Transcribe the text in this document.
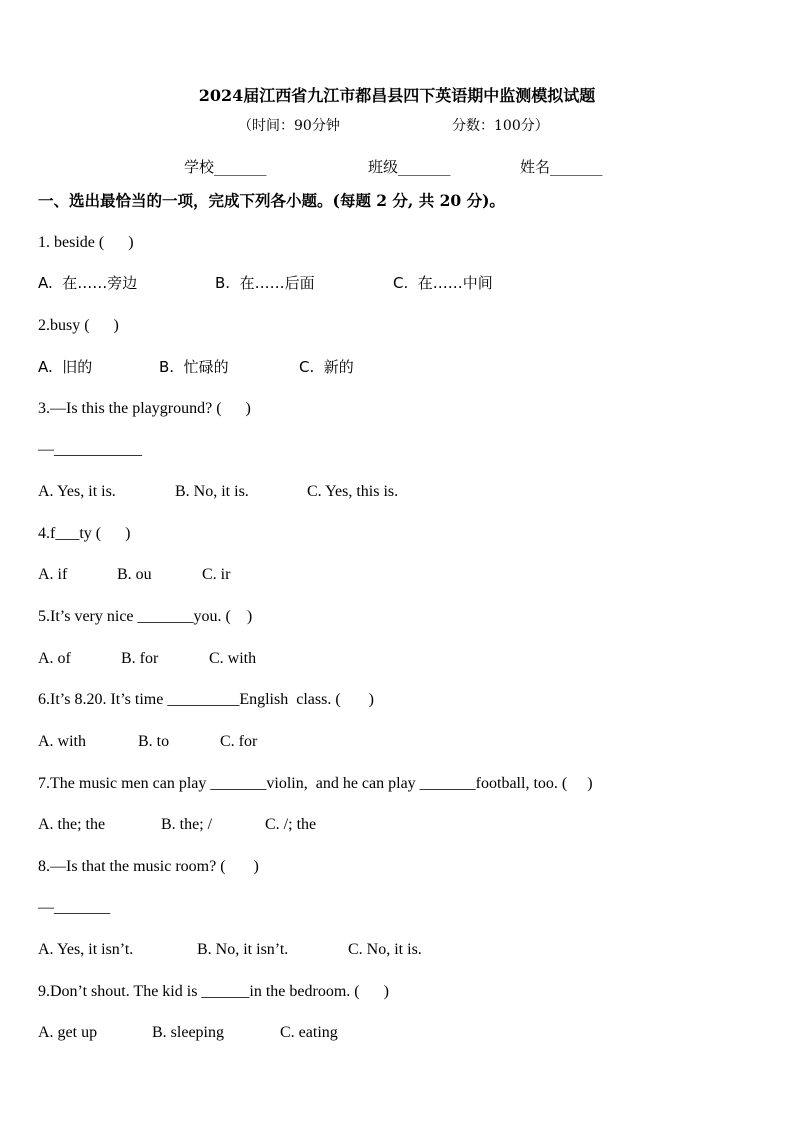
2024届江西省九江市都昌县四下英语期中监测模拟试题
（时间：90分钟	分数：100分）
学校_______	班级_______	姓名_______
一、选出最恰当的一项，完成下列各小题。(每题 2 分, 共 20 分)。
1. beside (      )
A.  在……旁边	B.  在……后面	C.  在……中间
2.busy (      )
A.  旧的	B.  忙碌的	C.  新的
3.—Is this the playground? (      )
—___________
A. Yes, it is.	B. No, it is.	C. Yes, this is.
4.f___ty (      )
A. if	B. ou	C. ir
5.It’s very nice _______you. (    )
A. of	B. for	C. with
6.It’s 8.20. It’s time _________English  class. (       )
A. with	B. to	C. for
7.The music men can play _______violin,  and he can play _______football, too. (     )
A. the; the	B. the; /	C. /; the
8.—Is that the music room? (       )
—_______
A. Yes, it isn’t.	B. No, it isn’t.	C. No, it is.
9.Don’t shout. The kid is ______in the bedroom. (      )
A. get up	B. sleeping	C. eating
